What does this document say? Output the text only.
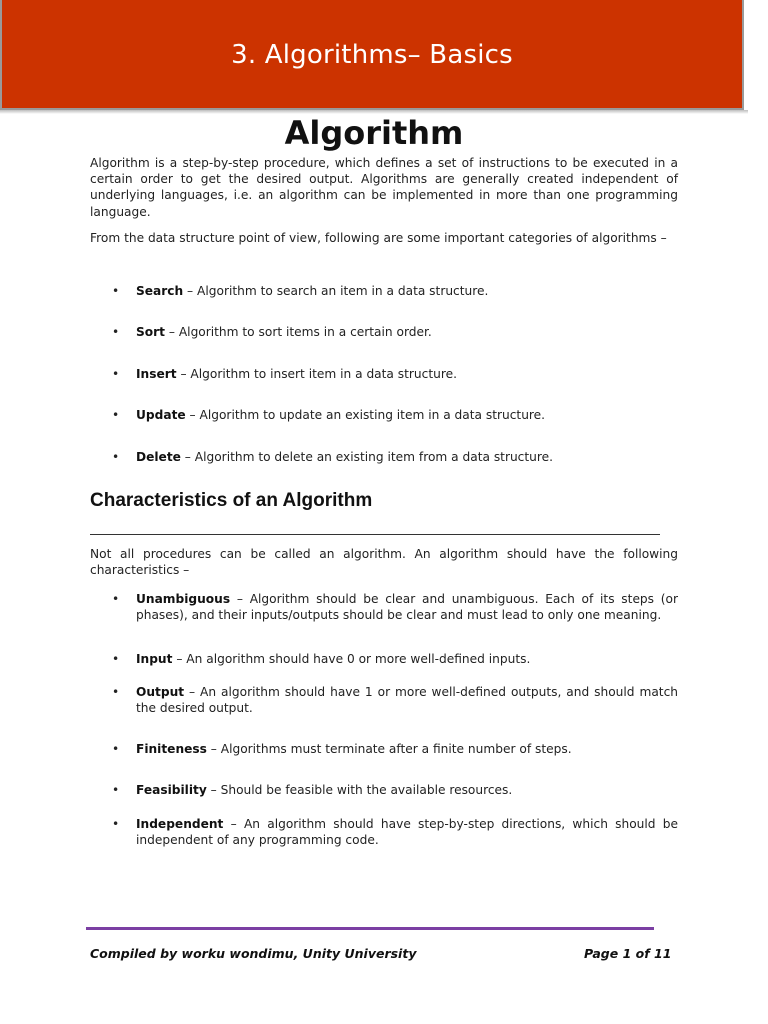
3. Algorithms– Basics
Algorithm
Algorithm is a step-by-step procedure, which defines a set of instructions to be executed in a certain order to get the desired output. Algorithms are generally created independent of underlying languages, i.e. an algorithm can be implemented in more than one programming language.
From the data structure point of view, following are some important categories of algorithms –
• Search – Algorithm to search an item in a data structure.
• Sort – Algorithm to sort items in a certain order.
• Insert – Algorithm to insert item in a data structure.
• Update – Algorithm to update an existing item in a data structure.
• Delete – Algorithm to delete an existing item from a data structure.
Characteristics of an Algorithm
Not all procedures can be called an algorithm. An algorithm should have the following characteristics –
• Unambiguous – Algorithm should be clear and unambiguous. Each of its steps (or phases), and their inputs/outputs should be clear and must lead to only one meaning.
• Input – An algorithm should have 0 or more well-defined inputs.
• Output – An algorithm should have 1 or more well-defined outputs, and should match the desired output.
• Finiteness – Algorithms must terminate after a finite number of steps.
• Feasibility – Should be feasible with the available resources.
• Independent – An algorithm should have step-by-step directions, which should be independent of any programming code.
Compiled by worku wondimu, Unity University	Page 1 of 11
